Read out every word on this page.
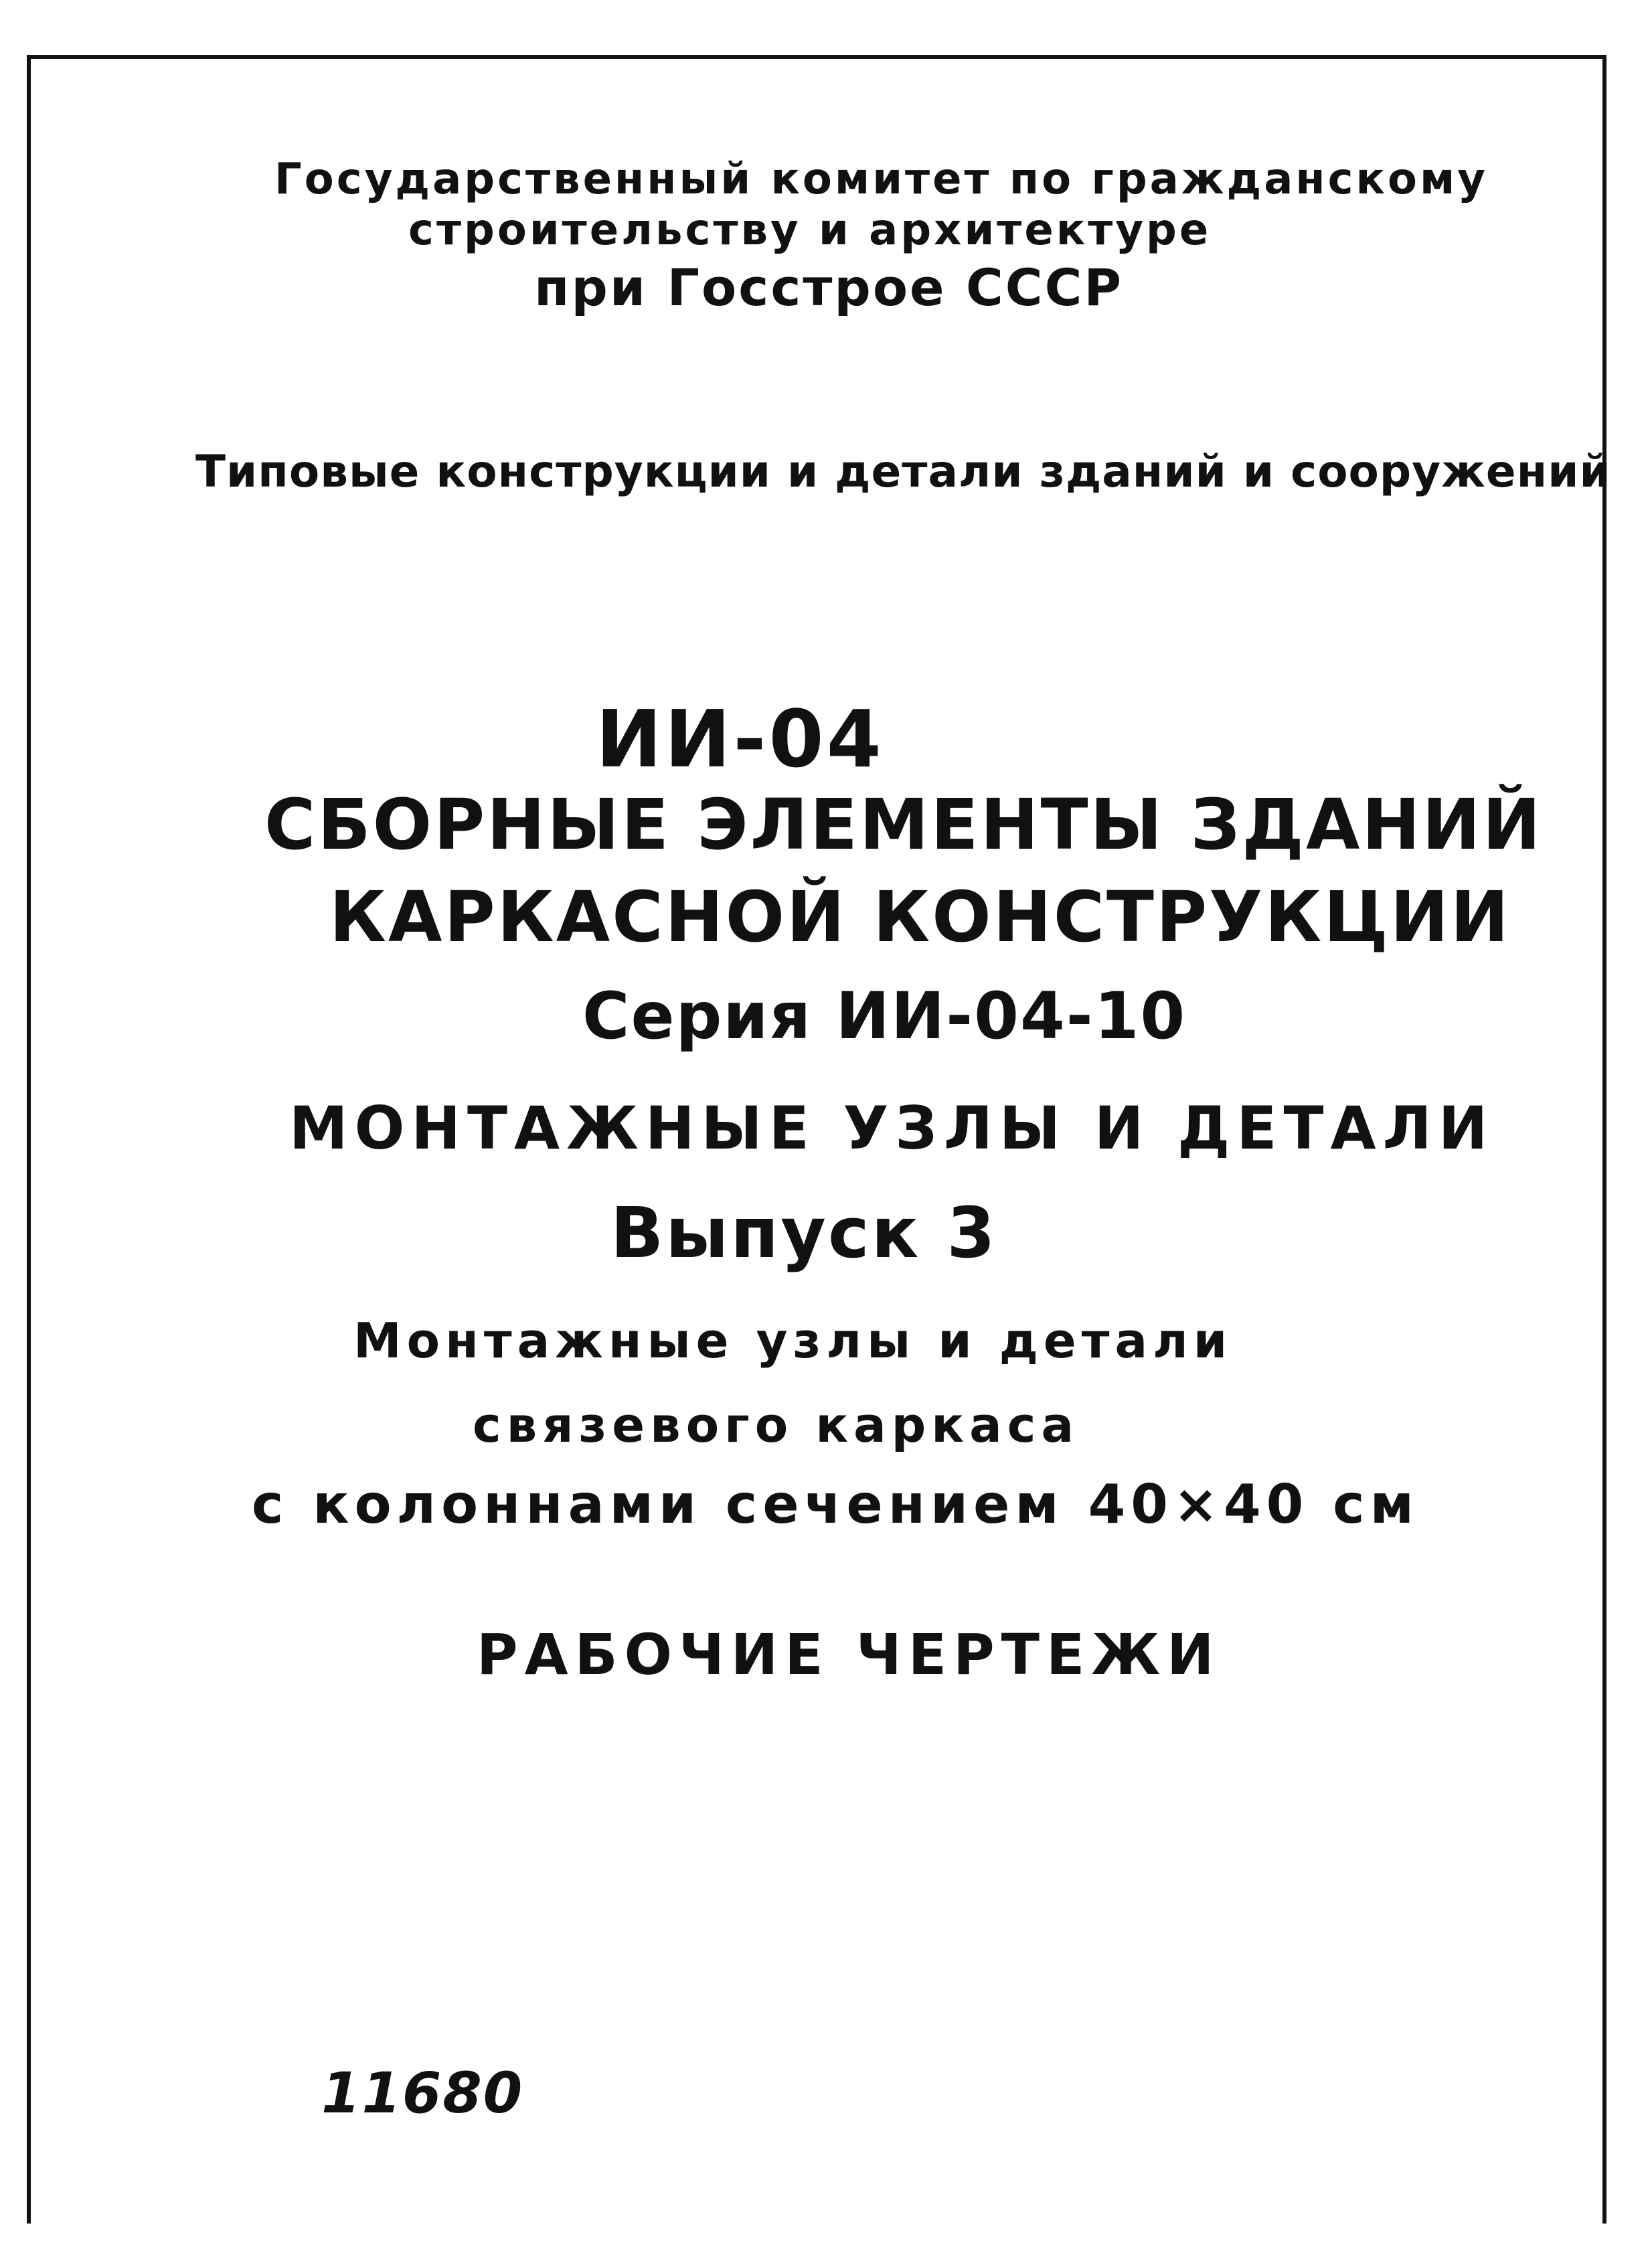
Государственный комитет по гражданскому
строительству и архитектуре
при Госстрое СССР
Типовые конструкции и детали зданий и сооружений
ИИ-04
СБОРНЫЕ ЭЛЕМЕНТЫ ЗДАНИЙ
КАРКАСНОЙ КОНСТРУКЦИИ
Серия ИИ-04-10
МОНТАЖНЫЕ УЗЛЫ И ДЕТАЛИ
Выпуск 3
Монтажные узлы и детали
связевого каркаса
с колоннами сечением 40×40 см
РАБОЧИЕ ЧЕРТЕЖИ
11680
